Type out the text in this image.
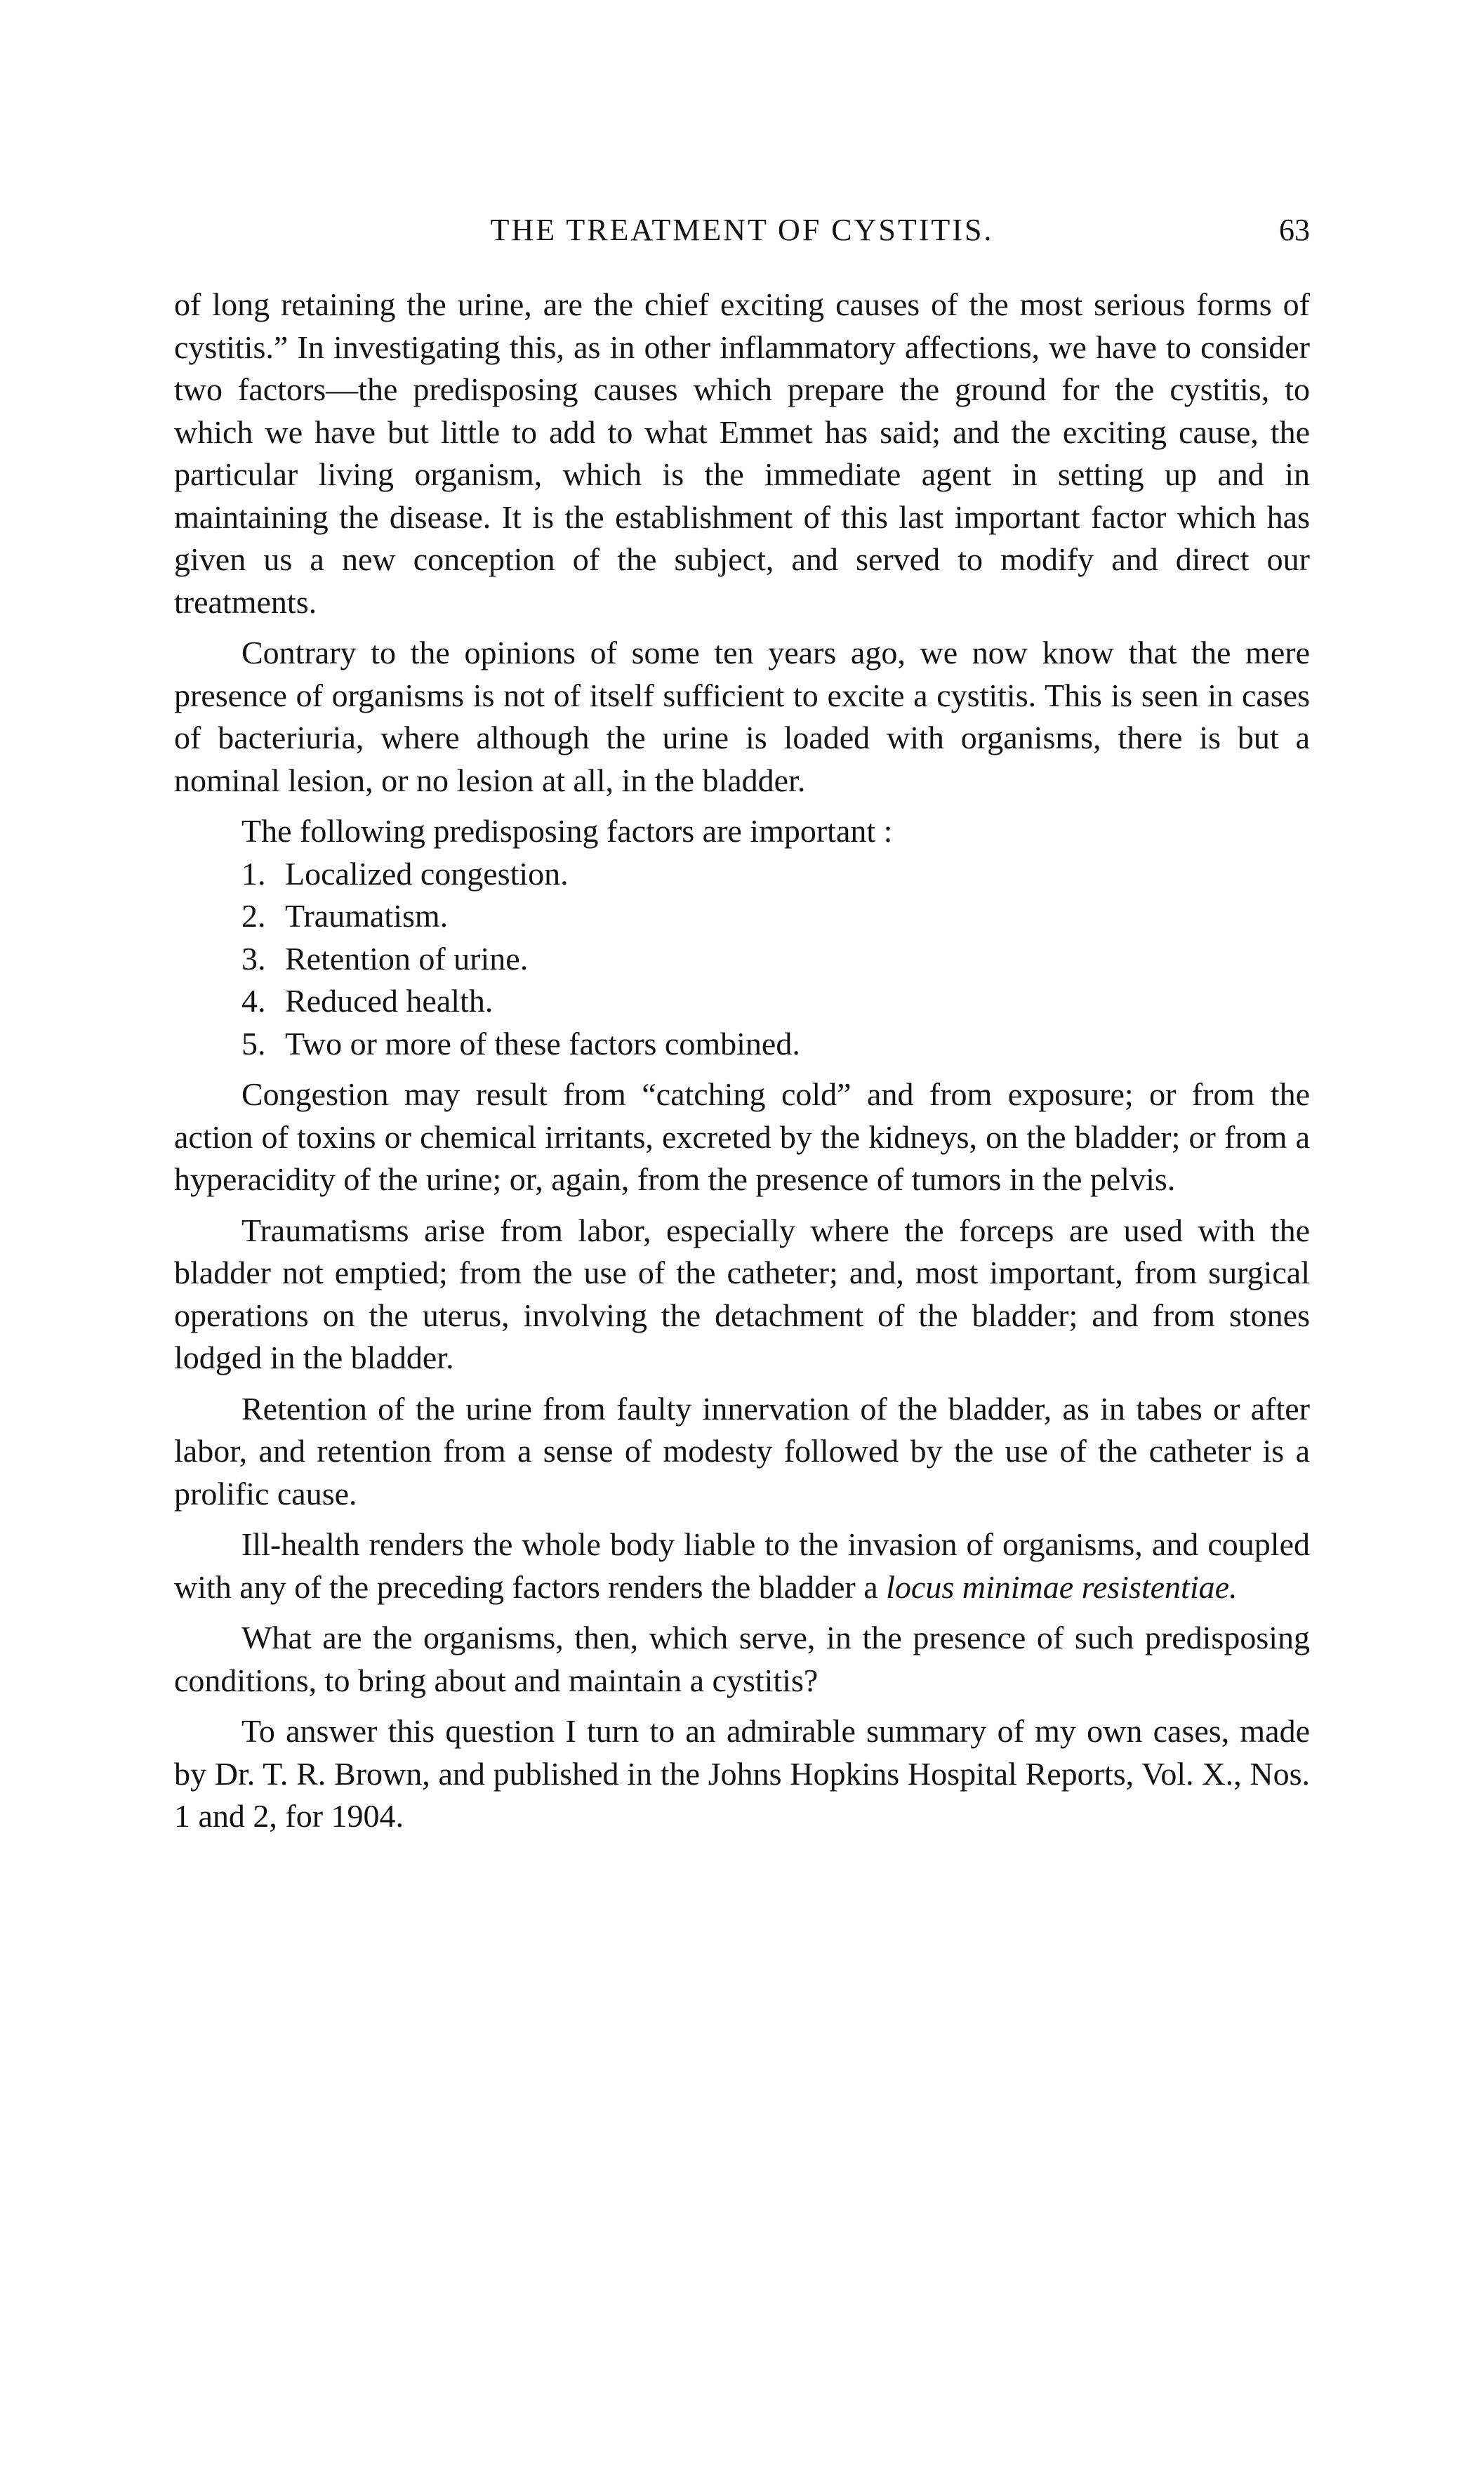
THE TREATMENT OF CYSTITIS.	63

of long retaining the urine, are the chief exciting causes of the most serious forms of cystitis.” In investigating this, as in other inflammatory affections, we have to consider two factors—the predisposing causes which prepare the ground for the cystitis, to which we have but little to add to what Emmet has said; and the exciting cause, the particular living organism, which is the immediate agent in setting up and in maintaining the disease. It is the establishment of this last important factor which has given us a new conception of the subject, and served to modify and direct our treatments.

Contrary to the opinions of some ten years ago, we now know that the mere presence of organisms is not of itself sufficient to excite a cystitis. This is seen in cases of bacteriuria, where although the urine is loaded with organisms, there is but a nominal lesion, or no lesion at all, in the bladder.

The following predisposing factors are important :

1. Localized congestion.
2. Traumatism.
3. Retention of urine.
4. Reduced health.
5. Two or more of these factors combined.

Congestion may result from “catching cold” and from exposure; or from the action of toxins or chemical irritants, excreted by the kidneys, on the bladder; or from a hyperacidity of the urine; or, again, from the presence of tumors in the pelvis.

Traumatisms arise from labor, especially where the forceps are used with the bladder not emptied; from the use of the catheter; and, most important, from surgical operations on the uterus, involving the detachment of the bladder; and from stones lodged in the bladder.

Retention of the urine from faulty innervation of the bladder, as in tabes or after labor, and retention from a sense of modesty followed by the use of the catheter is a prolific cause.

Ill-health renders the whole body liable to the invasion of organisms, and coupled with any of the preceding factors renders the bladder a locus minimae resistentiae.

What are the organisms, then, which serve, in the presence of such predisposing conditions, to bring about and maintain a cystitis?

To answer this question I turn to an admirable summary of my own cases, made by Dr. T. R. Brown, and published in the Johns Hopkins Hospital Reports, Vol. X., Nos. 1 and 2, for 1904.
